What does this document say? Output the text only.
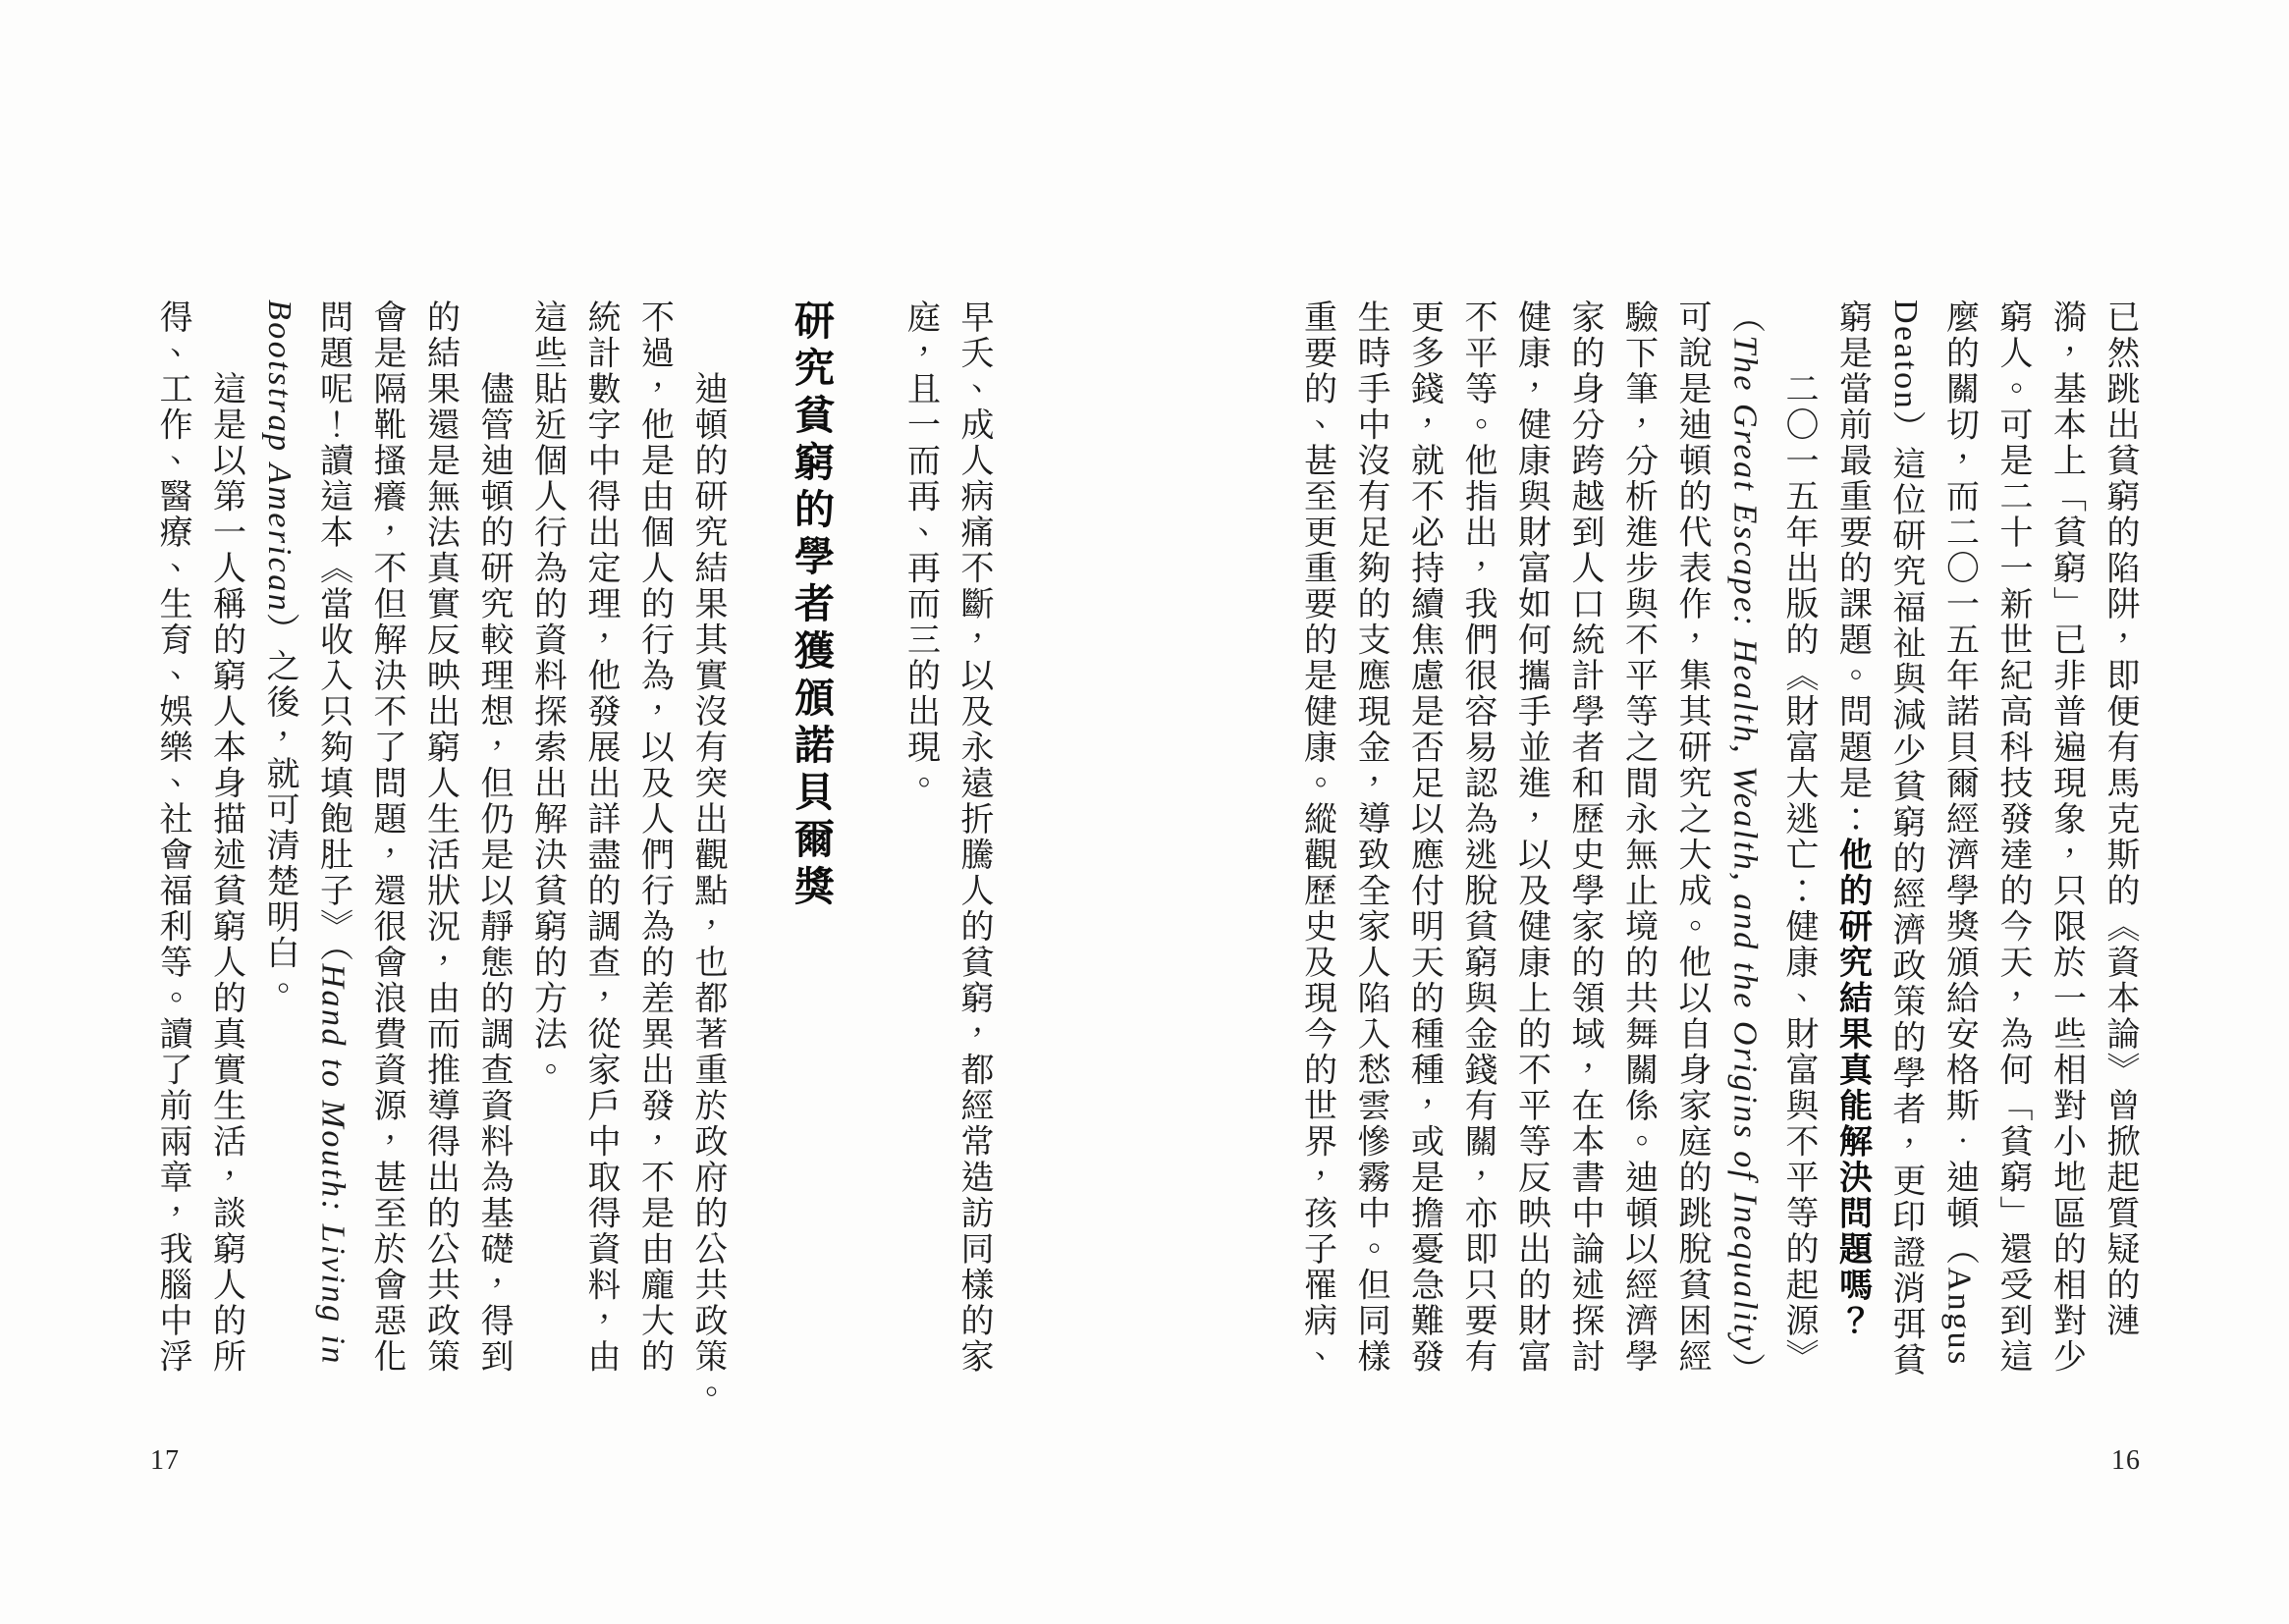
17
早夭、成人病痛不斷，以及永遠折騰人的貧窮，都經常造訪同樣的家
庭，且一而再、再而三的出現。
研究貧窮的學者獲頒諾貝爾獎
迪頓的研究結果其實沒有突出觀點，也都著重於政府的公共政策。
不過，他是由個人的行為，以及人們行為的差異出發，不是由龐大的
統計數字中得出定理，他發展出詳盡的調查，從家戶中取得資料，由
這些貼近個人行為的資料探索出解決貧窮的方法。
儘管迪頓的研究較理想，但仍是以靜態的調查資料為基礎，得到
的結果還是無法真實反映出窮人生活狀況，由而推導得出的公共政策
會是隔靴搔癢，不但解決不了問題，還很會浪費資源，甚至於會惡化
問題呢！讀這本《當收入只夠填飽肚子》（Hand to Mouth: Living in
Bootstrap American）之後，就可清楚明白。
這是以第一人稱的窮人本身描述貧窮人的真實生活，談窮人的所
得、工作、醫療、生育、娛樂、社會福利等。讀了前兩章，我腦中浮
16
已然跳出貧窮的陷阱，即便有馬克斯的《資本論》曾掀起質疑的漣
漪，基本上「貧窮」已非普遍現象，只限於一些相對小地區的相對少
窮人。可是二十一新世紀高科技發達的今天，為何「貧窮」還受到這
麼的關切，而二〇一五年諾貝爾經濟學獎頒給安格斯．迪頓（Angus
Deaton）這位研究福祉與減少貧窮的經濟政策的學者，更印證消弭貧
窮是當前最重要的課題。問題是：他的研究結果真能解決問題嗎？
二〇一五年出版的《財富大逃亡：健康、財富與不平等的起源》
（The Great Escape: Health, Wealth, and the Origins of Inequality）
可說是迪頓的代表作，集其研究之大成。他以自身家庭的跳脫貧困經
驗下筆，分析進步與不平等之間永無止境的共舞關係。迪頓以經濟學
家的身分跨越到人口統計學者和歷史學家的領域，在本書中論述探討
健康，健康與財富如何攜手並進，以及健康上的不平等反映出的財富
不平等。他指出，我們很容易認為逃脫貧窮與金錢有關，亦即只要有
更多錢，就不必持續焦慮是否足以應付明天的種種，或是擔憂急難發
生時手中沒有足夠的支應現金，導致全家人陷入愁雲慘霧中。但同樣
重要的、甚至更重要的是健康。縱觀歷史及現今的世界，孩子罹病、
